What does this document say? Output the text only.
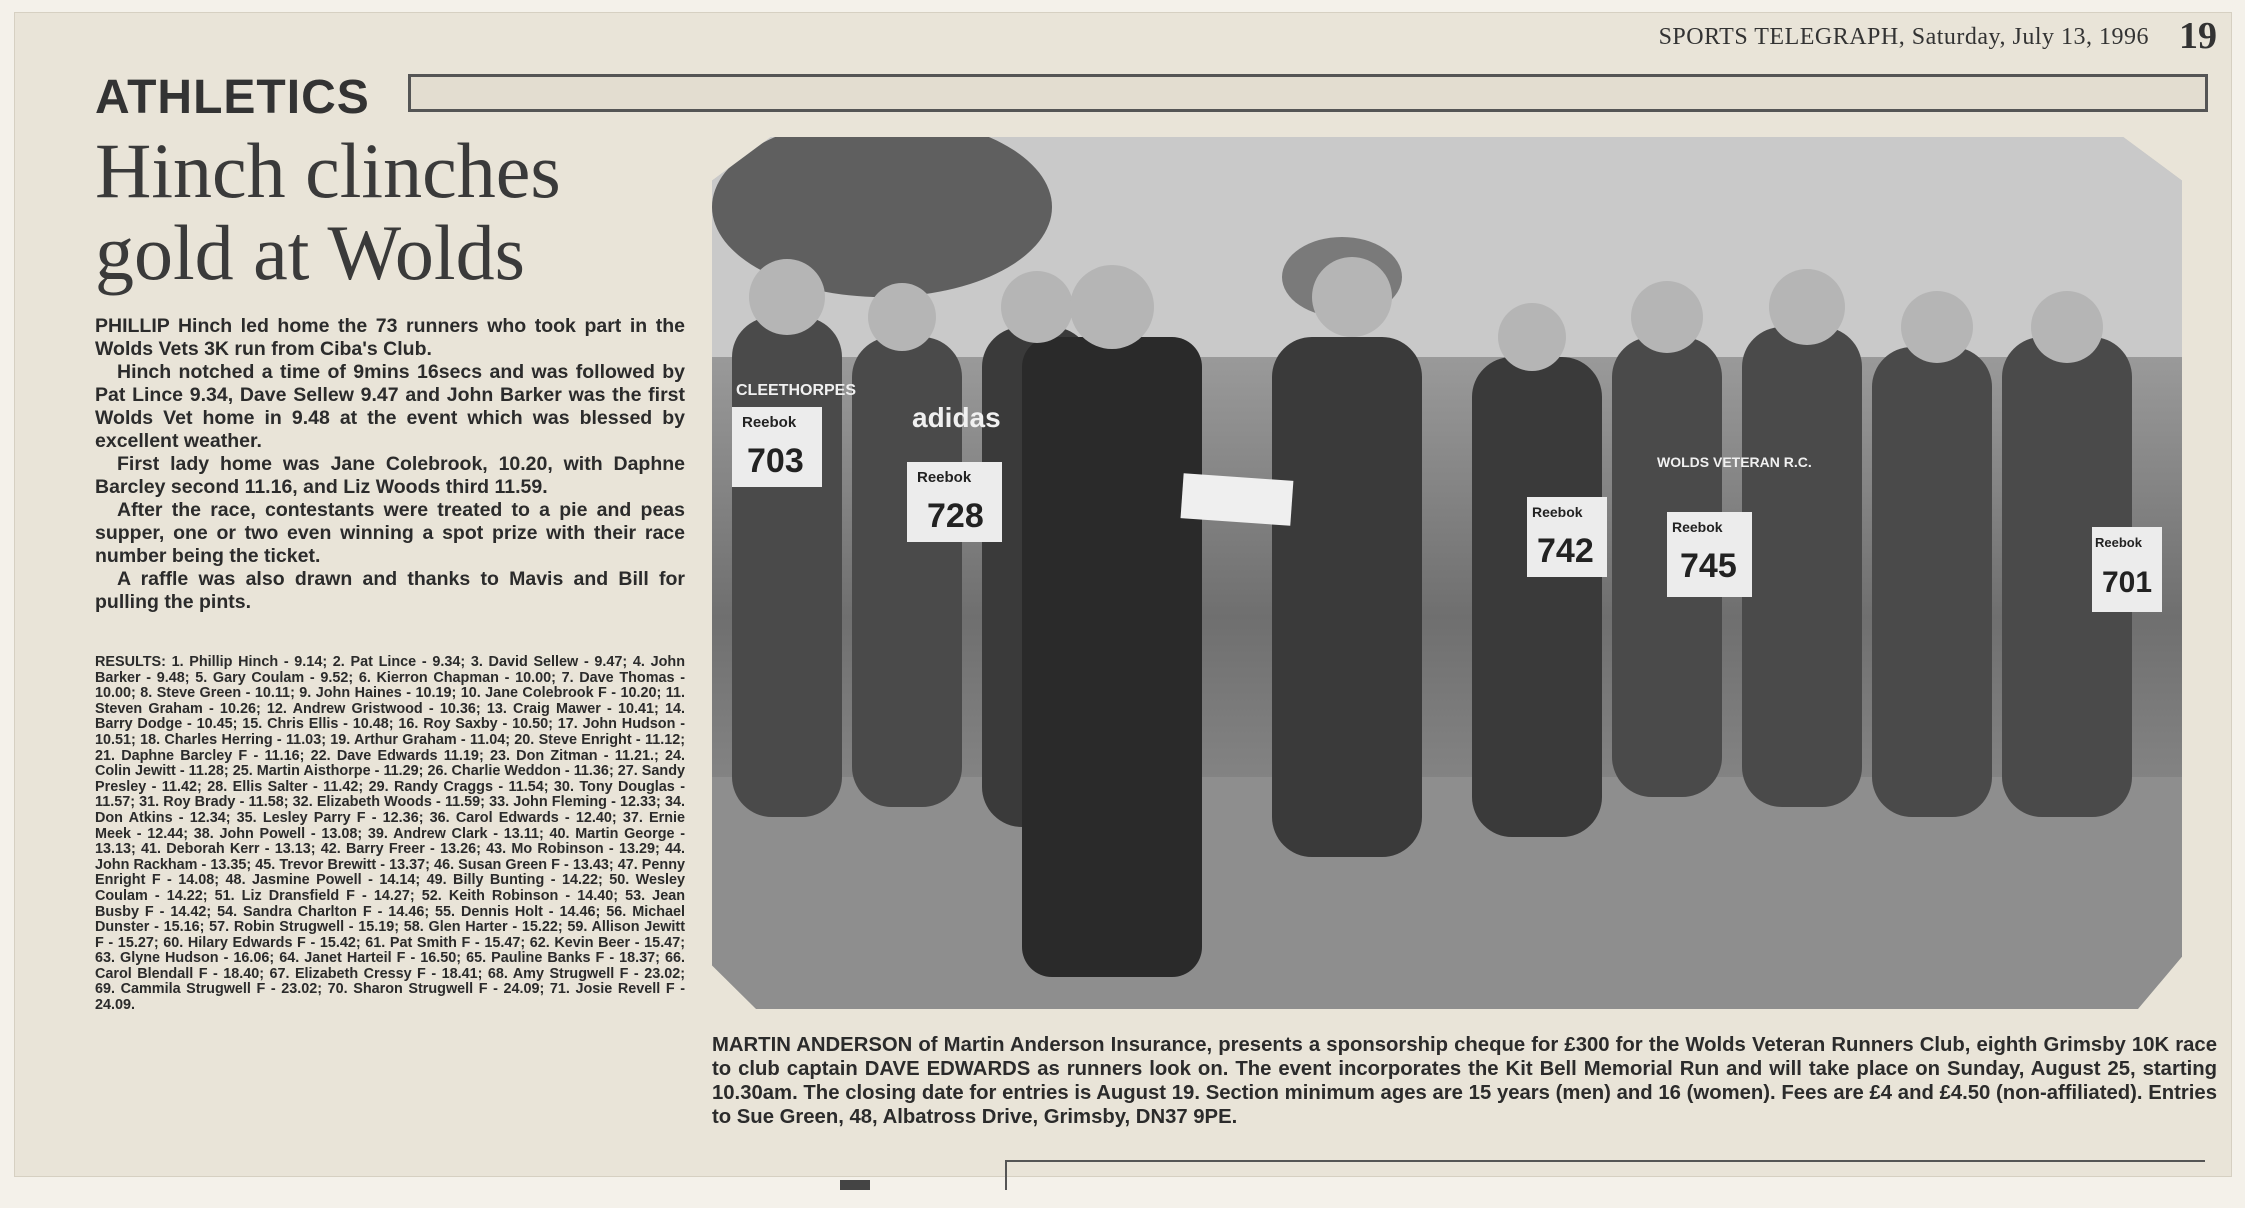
SPORTS TELEGRAPH, Saturday, July 13, 1996 19
ATHLETICS
Hinch clinches
gold at Wolds

PHILLIP Hinch led home the 73 runners who took part in the Wolds Vets 3K run from Ciba's Club.

Hinch notched a time of 9mins 16secs and was followed by Pat Lince 9.34, Dave Sellew 9.47 and John Barker was the first Wolds Vet home in 9.48 at the event which was blessed by excellent weather.

First lady home was Jane Colebrook, 10.20, with Daphne Barcley second 11.16, and Liz Woods third 11.59.

After the race, contestants were treated to a pie and peas supper, one or two even winning a spot prize with their race number being the ticket.

A raffle was also drawn and thanks to Mavis and Bill for pulling the pints.

RESULTS: 1. Phillip Hinch - 9.14; 2. Pat Lince - 9.34; 3. David Sellew - 9.47; 4. John Barker - 9.48; 5. Gary Coulam - 9.52; 6. Kierron Chapman - 10.00; 7. Dave Thomas - 10.00; 8. Steve Green - 10.11; 9. John Haines - 10.19; 10. Jane Colebrook F - 10.20; 11. Steven Graham - 10.26; 12. Andrew Gristwood - 10.36; 13. Craig Mawer - 10.41; 14. Barry Dodge - 10.45; 15. Chris Ellis - 10.48; 16. Roy Saxby - 10.50; 17. John Hudson - 10.51; 18. Charles Herring - 11.03; 19. Arthur Graham - 11.04; 20. Steve Enright - 11.12; 21. Daphne Barcley F - 11.16; 22. Dave Edwards 11.19; 23. Don Zitman - 11.21.; 24. Colin Jewitt - 11.28; 25. Martin Aisthorpe - 11.29; 26. Charlie Weddon - 11.36; 27. Sandy Presley - 11.42; 28. Ellis Salter - 11.42; 29. Randy Craggs - 11.54; 30. Tony Douglas - 11.57; 31. Roy Brady - 11.58; 32. Elizabeth Woods - 11.59; 33. John Fleming - 12.33; 34. Don Atkins - 12.34; 35. Lesley Parry F - 12.36; 36. Carol Edwards - 12.40; 37. Ernie Meek - 12.44; 38. John Powell - 13.08; 39. Andrew Clark - 13.11; 40. Martin George - 13.13; 41. Deborah Kerr - 13.13; 42. Barry Freer - 13.26; 43. Mo Robinson - 13.29; 44. John Rackham - 13.35; 45. Trevor Brewitt - 13.37; 46. Susan Green F - 13.43; 47. Penny Enright F - 14.08; 48. Jasmine Powell - 14.14; 49. Billy Bunting - 14.22; 50. Wesley Coulam - 14.22; 51. Liz Dransfield F - 14.27; 52. Keith Robinson - 14.40; 53. Jean Busby F - 14.42; 54. Sandra Charlton F - 14.46; 55. Dennis Holt - 14.46; 56. Michael Dunster - 15.16; 57. Robin Strugwell - 15.19; 58. Glen Harter - 15.22; 59. Allison Jewitt F - 15.27; 60. Hilary Edwards F - 15.42; 61. Pat Smith F - 15.47; 62. Kevin Beer - 15.47; 63. Glyne Hudson - 16.06; 64. Janet Harteil F - 16.50; 65. Pauline Banks F - 18.37; 66. Carol Blendall F - 18.40; 67. Elizabeth Cressy F - 18.41; 68. Amy Strugwell F - 23.02; 69. Cammila Strugwell F - 23.02; 70. Sharon Strugwell F - 24.09; 71. Josie Revell F - 24.09.
CLEETHORPES
Reebok
703
adidas
Reebok
728	Reebok
742
WOLDS VETERAN R.C.
Reebok
745
Reebok
701
MARTIN ANDERSON of Martin Anderson Insurance, presents a sponsorship cheque for £300 for the Wolds Veteran Runners Club, eighth Grimsby 10K race to club captain DAVE EDWARDS as runners look on. The event incorporates the Kit Bell Memorial Run and will take place on Sunday, August 25, starting 10.30am. The closing date for entries is August 19. Section minimum ages are 15 years (men) and 16 (women). Fees are £4 and £4.50 (non-affiliated). Entries to Sue Green, 48, Albatross Drive, Grimsby, DN37 9PE.
